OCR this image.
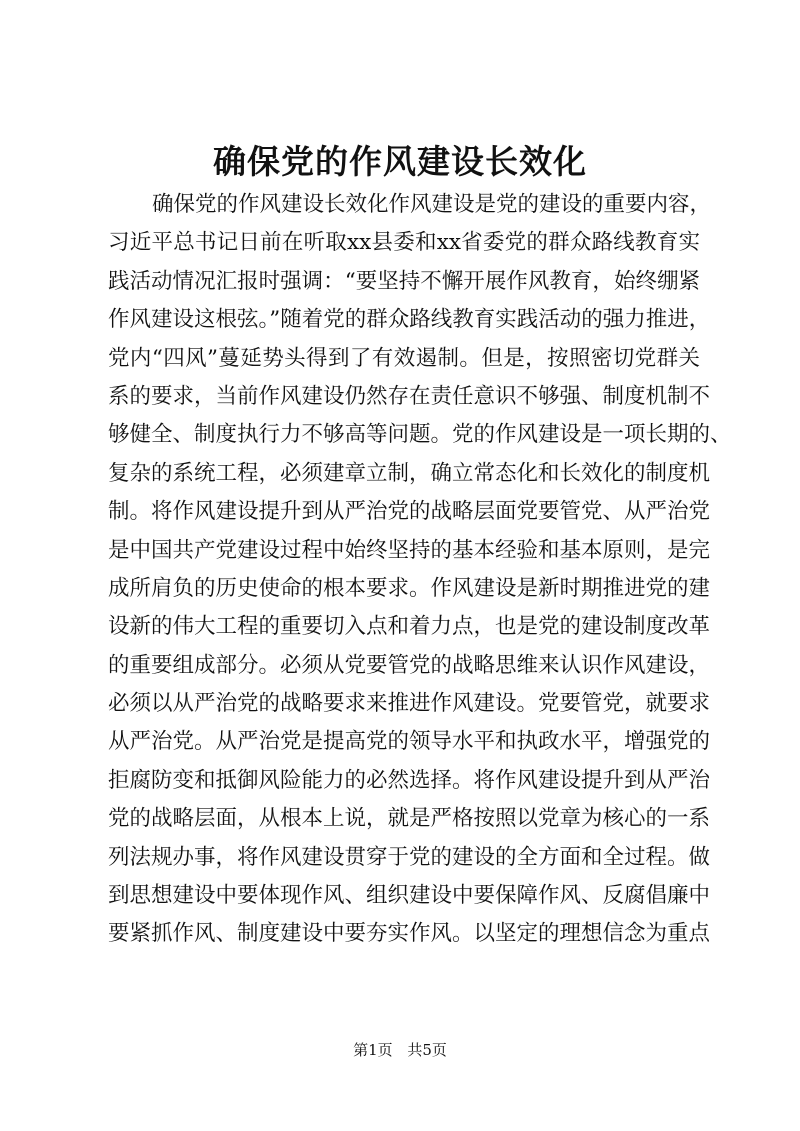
确保党的作风建设长效化
确保党的作风建设长效化作风建设是党的建设的重要内容，
习近平总书记日前在听取xx县委和xx省委党的群众路线教育实
践活动情况汇报时强调：“要坚持不懈开展作风教育，始终绷紧
作风建设这根弦。”随着党的群众路线教育实践活动的强力推进，
党内“四风”蔓延势头得到了有效遏制。但是，按照密切党群关
系的要求，当前作风建设仍然存在责任意识不够强、制度机制不
够健全、制度执行力不够高等问题。党的作风建设是一项长期的、
复杂的系统工程，必须建章立制，确立常态化和长效化的制度机
制。将作风建设提升到从严治党的战略层面党要管党、从严治党
是中国共产党建设过程中始终坚持的基本经验和基本原则，是完
成所肩负的历史使命的根本要求。作风建设是新时期推进党的建
设新的伟大工程的重要切入点和着力点，也是党的建设制度改革
的重要组成部分。必须从党要管党的战略思维来认识作风建设，
必须以从严治党的战略要求来推进作风建设。党要管党，就要求
从严治党。从严治党是提高党的领导水平和执政水平，增强党的
拒腐防变和抵御风险能力的必然选择。将作风建设提升到从严治
党的战略层面，从根本上说，就是严格按照以党章为核心的一系
列法规办事，将作风建设贯穿于党的建设的全方面和全过程。做
到思想建设中要体现作风、组织建设中要保障作风、反腐倡廉中
要紧抓作风、制度建设中要夯实作风。以坚定的理想信念为重点
第1页 共5页
